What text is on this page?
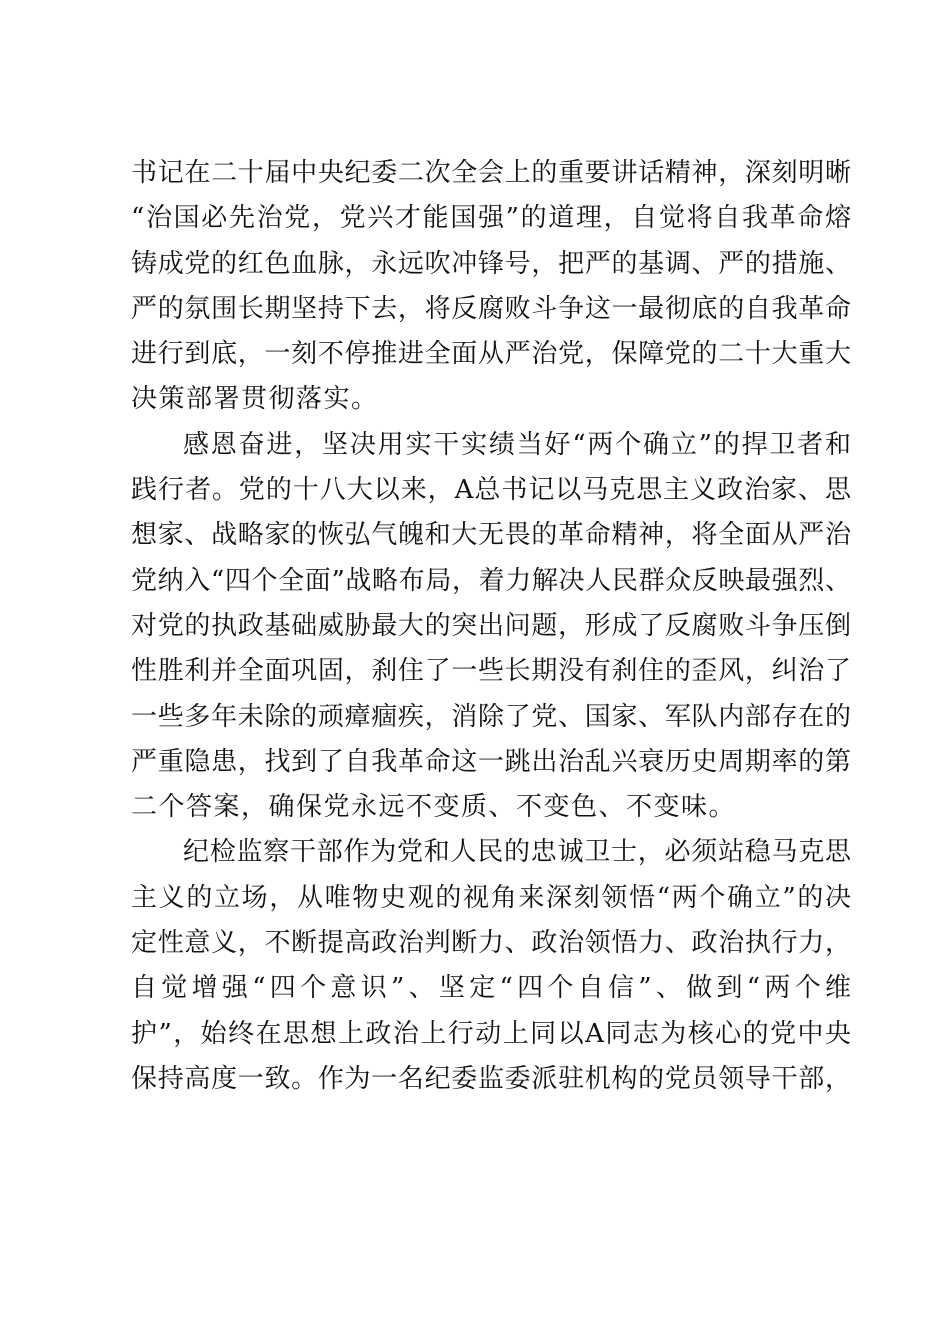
书记在二十届中央纪委二次全会上的重要讲话精神，深刻明晰
“治国必先治党，党兴才能国强”的道理，自觉将自我革命熔
铸成党的红色血脉，永远吹冲锋号，把严的基调、严的措施、
严的氛围长期坚持下去，将反腐败斗争这一最彻底的自我革命
进行到底，一刻不停推进全面从严治党，保障党的二十大重大
决策部署贯彻落实。
感恩奋进，坚决用实干实绩当好“两个确立”的捍卫者和
践行者。党的十八大以来，A总书记以马克思主义政治家、思
想家、战略家的恢弘气魄和大无畏的革命精神，将全面从严治
党纳入“四个全面”战略布局，着力解决人民群众反映最强烈、
对党的执政基础威胁最大的突出问题，形成了反腐败斗争压倒
性胜利并全面巩固，刹住了一些长期没有刹住的歪风，纠治了
一些多年未除的顽瘴痼疾，消除了党、国家、军队内部存在的
严重隐患，找到了自我革命这一跳出治乱兴衰历史周期率的第
二个答案，确保党永远不变质、不变色、不变味。
纪检监察干部作为党和人民的忠诚卫士，必须站稳马克思
主义的立场，从唯物史观的视角来深刻领悟“两个确立”的决
定性意义，不断提高政治判断力、政治领悟力、政治执行力，
自觉增强“四个意识”、坚定“四个自信”、做到“两个维
护”，始终在思想上政治上行动上同以A同志为核心的党中央
保持高度一致。作为一名纪委监委派驻机构的党员领导干部，
